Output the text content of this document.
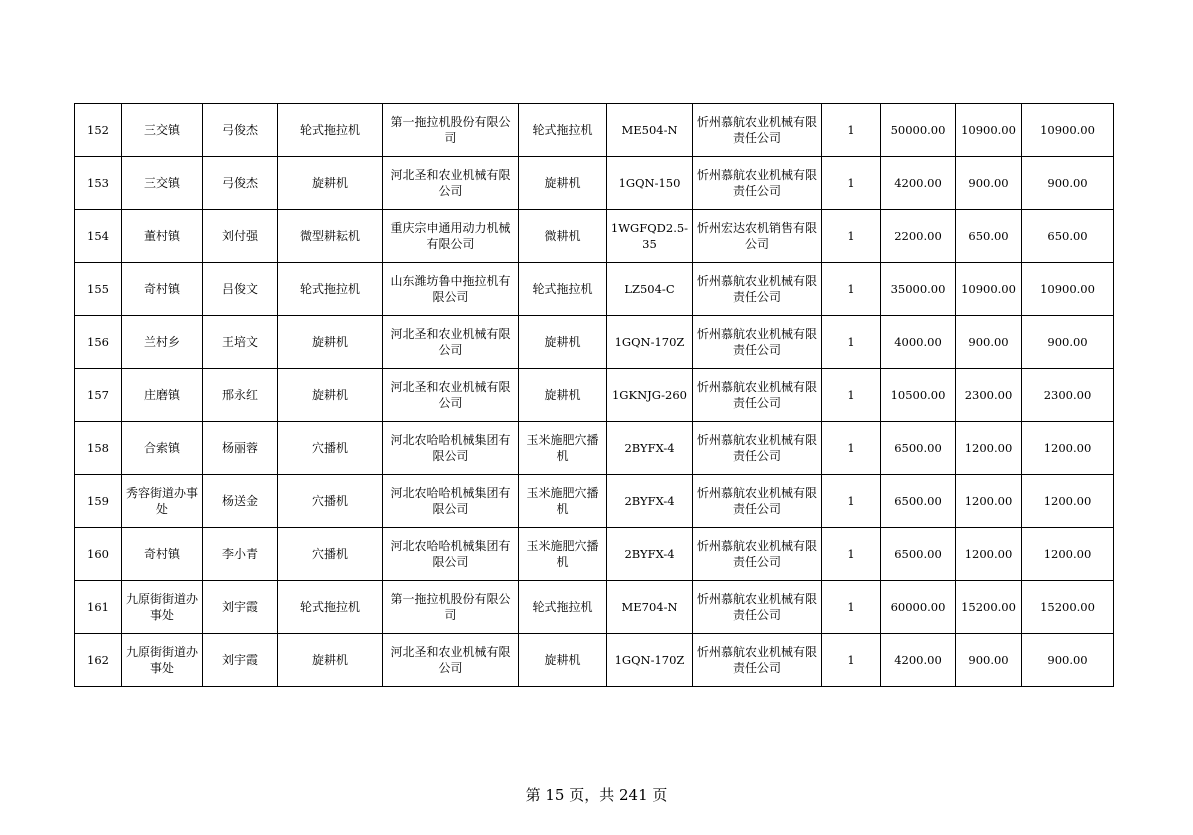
152	三交镇	弓俊杰	轮式拖拉机	第一拖拉机股份有限公司	轮式拖拉机	ME504-N	忻州慕航农业机械有限责任公司	1	50000.00	10900.00	10900.00
153	三交镇	弓俊杰	旋耕机	河北圣和农业机械有限公司	旋耕机	1GQN-150	忻州慕航农业机械有限责任公司	1	4200.00	900.00	900.00
154	董村镇	刘付强	微型耕耘机	重庆宗申通用动力机械有限公司	微耕机	1WGFQD2.5-35	忻州宏达农机销售有限公司	1	2200.00	650.00	650.00
155	奇村镇	吕俊文	轮式拖拉机	山东潍坊鲁中拖拉机有限公司	轮式拖拉机	LZ504-C	忻州慕航农业机械有限责任公司	1	35000.00	10900.00	10900.00
156	兰村乡	王培文	旋耕机	河北圣和农业机械有限公司	旋耕机	1GQN-170Z	忻州慕航农业机械有限责任公司	1	4000.00	900.00	900.00
157	庄磨镇	邢永红	旋耕机	河北圣和农业机械有限公司	旋耕机	1GKNJG-260	忻州慕航农业机械有限责任公司	1	10500.00	2300.00	2300.00
158	合索镇	杨丽蓉	穴播机	河北农哈哈机械集团有限公司	玉米施肥穴播机	2BYFX-4	忻州慕航农业机械有限责任公司	1	6500.00	1200.00	1200.00
159	秀容街道办事处	杨送金	穴播机	河北农哈哈机械集团有限公司	玉米施肥穴播机	2BYFX-4	忻州慕航农业机械有限责任公司	1	6500.00	1200.00	1200.00
160	奇村镇	李小青	穴播机	河北农哈哈机械集团有限公司	玉米施肥穴播机	2BYFX-4	忻州慕航农业机械有限责任公司	1	6500.00	1200.00	1200.00
161	九原街街道办事处	刘宇霞	轮式拖拉机	第一拖拉机股份有限公司	轮式拖拉机	ME704-N	忻州慕航农业机械有限责任公司	1	60000.00	15200.00	15200.00
162	九原街街道办事处	刘宇霞	旋耕机	河北圣和农业机械有限公司	旋耕机	1GQN-170Z	忻州慕航农业机械有限责任公司	1	4200.00	900.00	900.00
第 15 页，共 241 页
